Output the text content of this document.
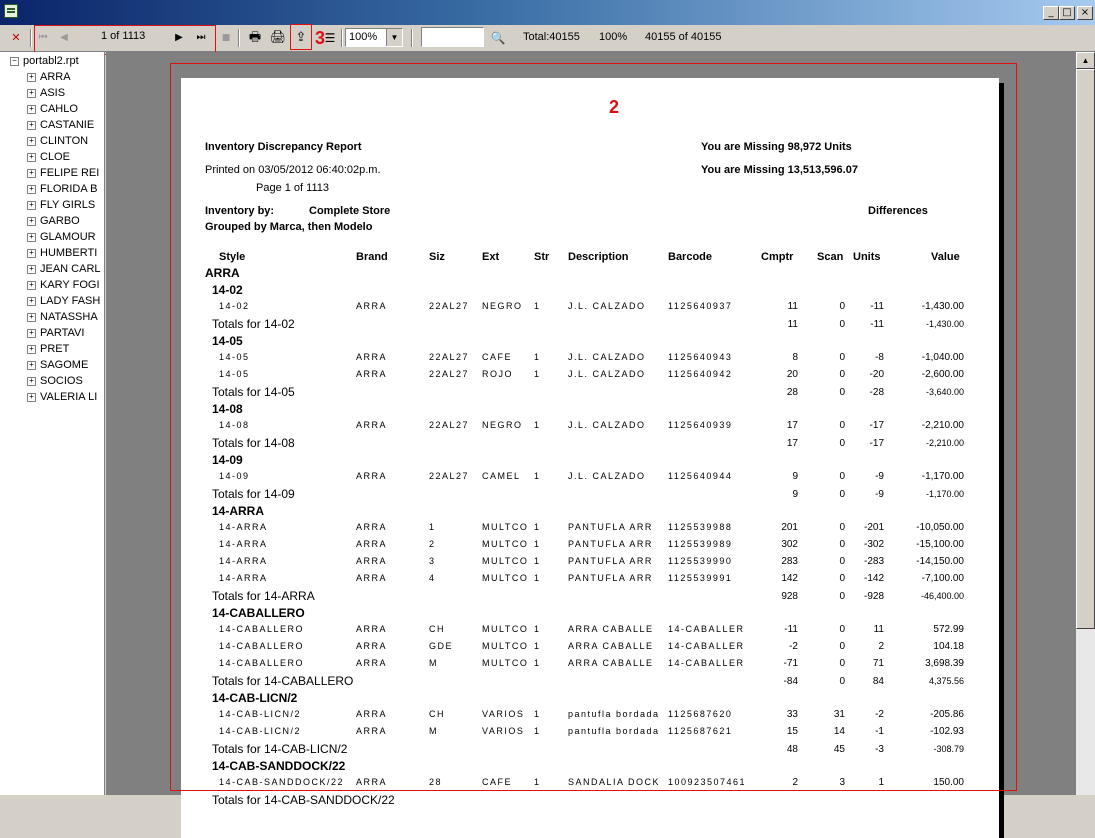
_ □ ×
✕	⏮	◀	1 of 1113	▶	⏭	■ 🖶 🖨 ⇪ 3 ☰ 100%	▼	🔍 Total:40155 100% 40155 of 40155
− portabl2.rpt
+ ARRA
+ ASIS
+ CAHLO
+ CASTANIE
+ CLINTON
+ CLOE
+ FELIPE REI
+ FLORIDA B
+ FLY GIRLS
+ GARBO
+ GLAMOUR
+ HUMBERTI
+ JEAN CARL
+ KARY FOGI
+ LADY FASH
+ NATASSHA
+ PARTAVI
+ PRET
+ SAGOME
+ SOCIOS
+ VALERIA LI
Inventory Discrepancy Report
Printed on 03/05/2012 06:40:02p.m.
Page 1 of 1113
You are Missing 98,972 Units
You are Missing 13,513,596.07
Inventory by:	Complete Store
Grouped by Marca, then Modelo
Differences
Style	Brand	Siz	Ext	Str Description	Barcode	Cmptr Scan Units	Value
ARRA
14-02
14-02	ARRA	22AL27 NEGRO 1	J.L. CALZADO 1125640937	11	0	-11	-1,430.00
Totals for 14-02	11	0	-11	-1,430.00
14-05
14-05	ARRA	22AL27 CAFE 1	J.L. CALZADO 1125640943	8	0	-8	-1,040.00
14-05	ARRA	22AL27 ROJO 1	J.L. CALZADO 1125640942	20	0 -20	-2,600.00
Totals for 14-05	28	0 -28	-3,640.00
14-08
14-08	ARRA	22AL27 NEGRO 1	J.L. CALZADO 1125640939	17	0 -17	-2,210.00
Totals for 14-08	17	0 -17	-2,210.00
14-09
14-09	ARRA	22AL27 CAMEL 1	J.L. CALZADO 1125640944	9	0	-9	-1,170.00
Totals for 14-09	9	0	-9	-1,170.00
14-ARRA
14-ARRA	ARRA	1	MULTCO 1	PANTUFLA ARR 1125539988	201	0 -201	-10,050.00
14-ARRA	ARRA	2	MULTCO 1	PANTUFLA ARR 1125539989	302	0 -302	-15,100.00
14-ARRA	ARRA	3	MULTCO 1	PANTUFLA ARR 1125539990	283	0 -283	-14,150.00
14-ARRA	ARRA	4	MULTCO 1	PANTUFLA ARR 1125539991	142	0 -142	-7,100.00
Totals for 14-ARRA	928	0 -928	-46,400.00
14-CABALLERO
14-CABALLERO	ARRA	CH	MULTCO 1	ARRA CABALLE 14-CABALLER	-11	0	11	572.99
14-CABALLERO	ARRA	GDE	MULTCO 1	ARRA CABALLE 14-CABALLER	-2	0	2	104.18
14-CABALLERO	ARRA	M	MULTCO 1	ARRA CABALLE 14-CABALLER	-71	0	71	3,698.39
Totals for 14-CABALLERO	-84	0	84	4,375.56
14-CAB-LICN/2
14-CAB-LICN/2	ARRA	CH	VARIOS 1	pantufla bordada 1125687620	33	31	-2	-205.86
14-CAB-LICN/2	ARRA	M	VARIOS 1	pantufla bordada 1125687621	15	14	-1	-102.93
Totals for 14-CAB-LICN/2	48	45	-3	-308.79
14-CAB-SANDDOCK/22
14-CAB-SANDDOCK/22 ARRA	28	CAFE 1	SANDALIA DOCK 100923507461	2	3	1	150.00
Totals for 14-CAB-SANDDOCK/22
2
▲
